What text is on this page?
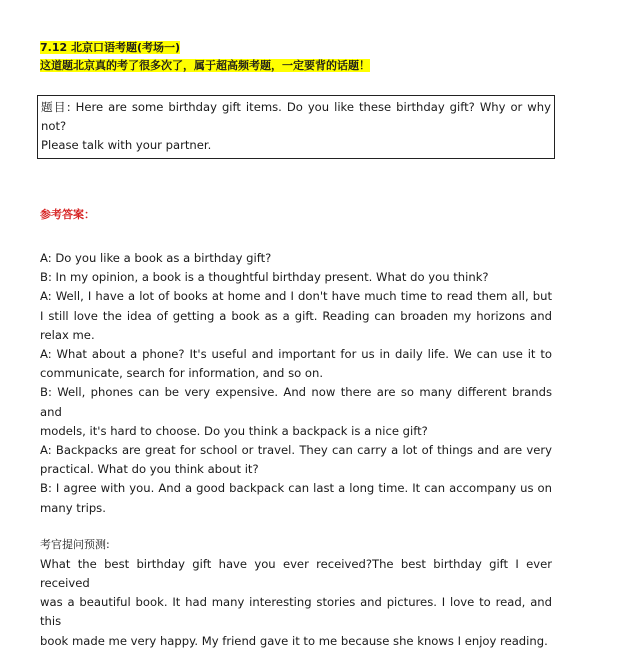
7.12 北京口语考题(考场一)
这道题北京真的考了很多次了，属于超高频考题，一定要背的话题！
题目: Here are some birthday gift items. Do you like these birthday gift? Why or why not?
Please talk with your partner.
参考答案：
A: Do you like a book as a birthday gift?
B: In my opinion, a book is a thoughtful birthday present. What do you think?
A: Well, I have a lot of books at home and I don't have much time to read them all, but
I still love the idea of getting a book as a gift. Reading can broaden my horizons and
relax me.
A: What about a phone? It's useful and important for us in daily life. We can use it to
communicate, search for information, and so on.
B: Well, phones can be very expensive. And now there are so many different brands and
models, it's hard to choose. Do you think a backpack is a nice gift?
A: Backpacks are great for school or travel. They can carry a lot of things and are very
practical. What do you think about it?
B: I agree with you. And a good backpack can last a long time. It can accompany us on
many trips.
考官提问预测:
What the best birthday gift have you ever received?The best birthday gift I ever received
was a beautiful book. It had many interesting stories and pictures. I love to read, and this
book made me very happy. My friend gave it to me because she knows I enjoy reading.
